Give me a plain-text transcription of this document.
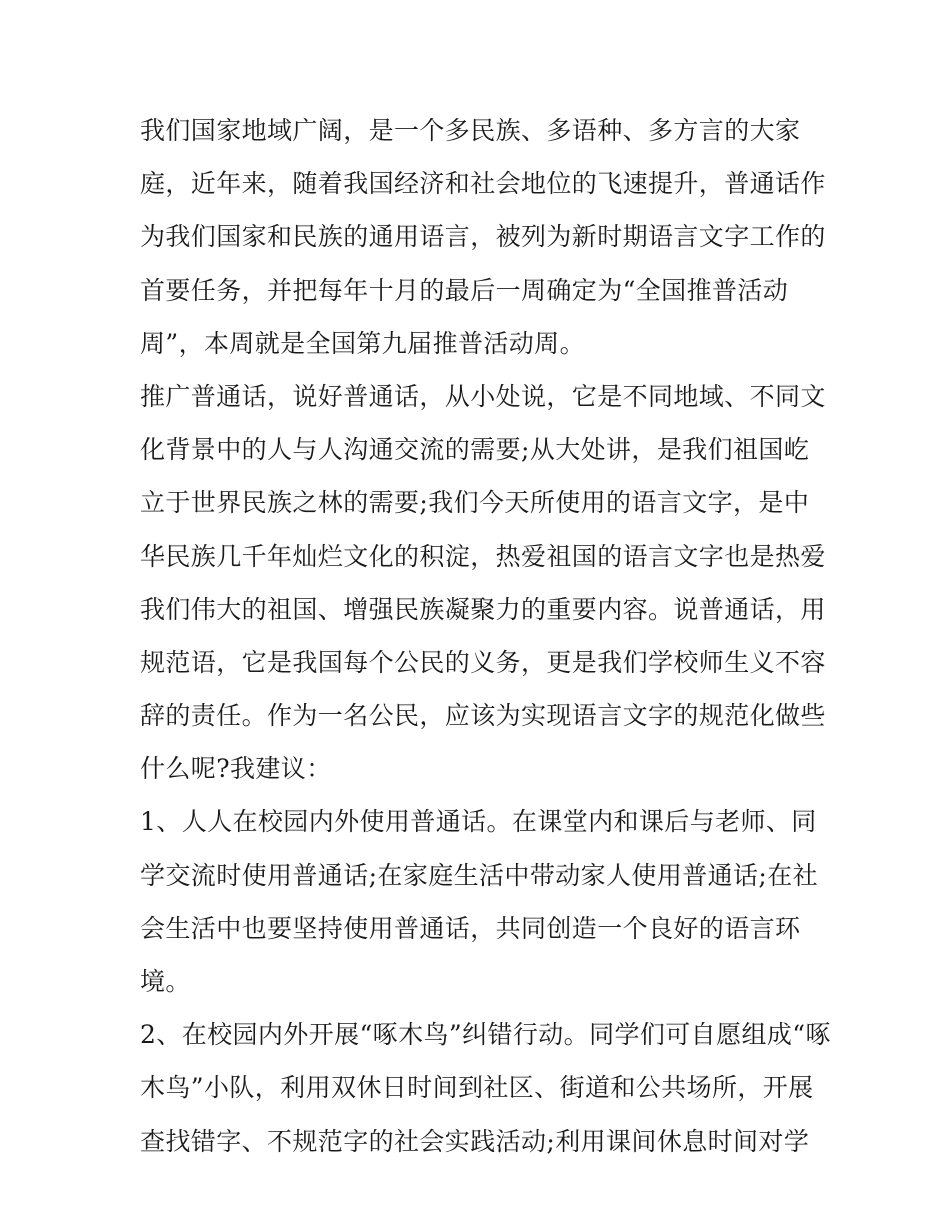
我们国家地域广阔，是一个多民族、多语种、多方言的大家
庭，近年来，随着我国经济和社会地位的飞速提升，普通话作
为我们国家和民族的通用语言，被列为新时期语言文字工作的
首要任务，并把每年十月的最后一周确定为“全国推普活动
周”，本周就是全国第九届推普活动周。
推广普通话，说好普通话，从小处说，它是不同地域、不同文
化背景中的人与人沟通交流的需要;从大处讲，是我们祖国屹
立于世界民族之林的需要;我们今天所使用的语言文字，是中
华民族几千年灿烂文化的积淀，热爱祖国的语言文字也是热爱
我们伟大的祖国、增强民族凝聚力的重要内容。说普通话，用
规范语，它是我国每个公民的义务，更是我们学校师生义不容
辞的责任。作为一名公民，应该为实现语言文字的规范化做些
什么呢?我建议：
1、人人在校园内外使用普通话。在课堂内和课后与老师、同
学交流时使用普通话;在家庭生活中带动家人使用普通话;在社
会生活中也要坚持使用普通话，共同创造一个良好的语言环
境。
2、在校园内外开展“啄木鸟”纠错行动。同学们可自愿组成“啄
木鸟”小队，利用双休日时间到社区、街道和公共场所，开展
查找错字、不规范字的社会实践活动;利用课间休息时间对学
